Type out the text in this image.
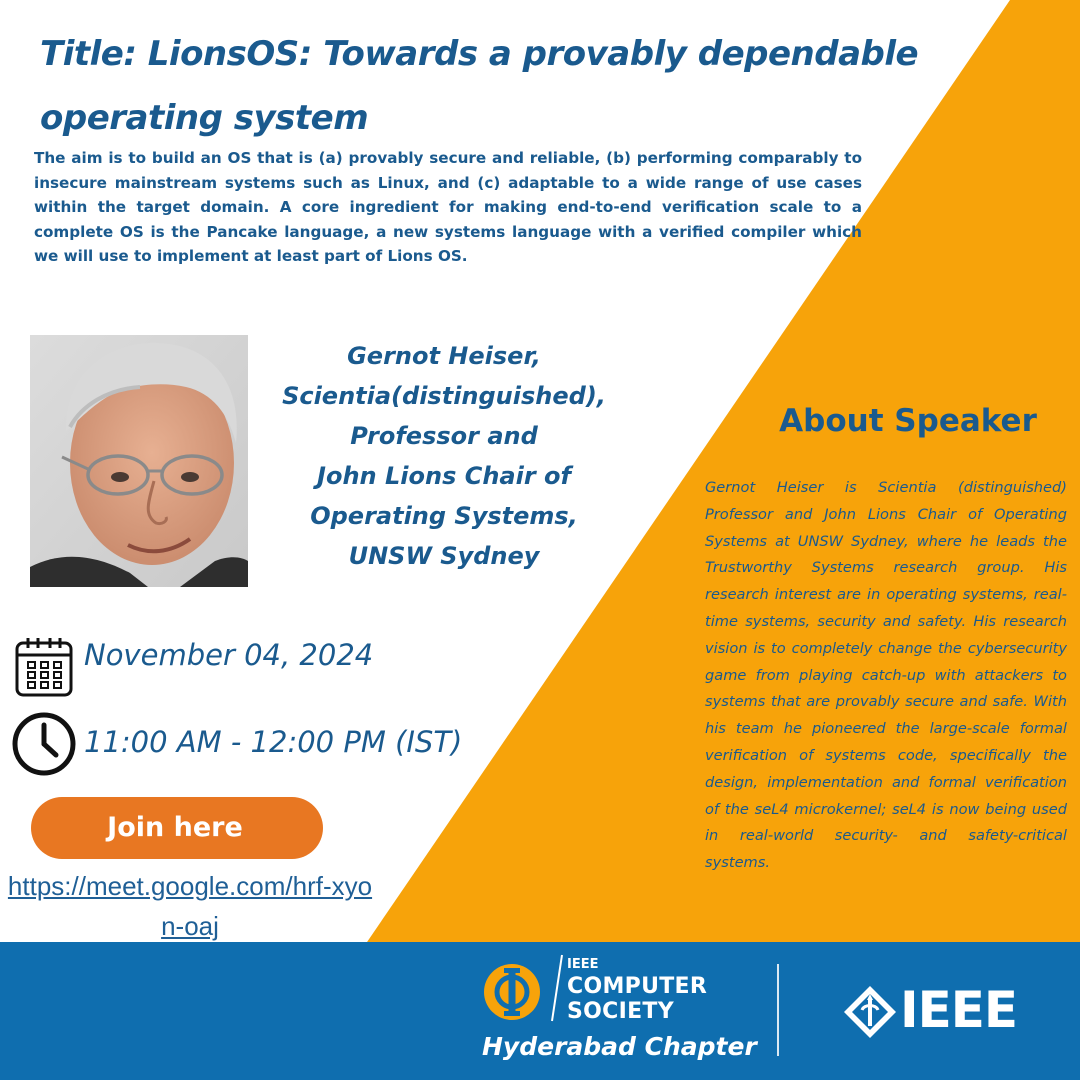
Title: LionsOS: Towards a provably dependable operating system

The aim is to build an OS that is (a) provably secure and reliable, (b) performing comparably to insecure mainstream systems such as Linux, and (c) adaptable to a wide range of use cases within the target domain. A core ingredient for making end-to-end verification scale to a complete OS is the Pancake language, a new systems language with a verified compiler which we will use to implement at least part of Lions OS.

Gernot Heiser,
Scientia(distinguished),
Professor and
John Lions Chair of
Operating Systems,
UNSW Sydney
About Speaker

Gernot Heiser is Scientia (distinguished) Professor and John Lions Chair of Operating Systems at UNSW Sydney, where he leads the Trustworthy Systems research group. His research interest are in operating systems, real-time systems, security and safety. His research vision is to completely change the cybersecurity game from playing catch-up with attackers to systems that are provably secure and safe. With his team he pioneered the large-scale formal verification of systems code, specifically the design, implementation and formal verification of the seL4 microkernel; seL4 is now being used in real-world security- and safety-critical systems.

November 04, 2024
11:00 AM - 12:00 PM (IST)
Join here
https://meet.google.com/hrf-xyon-oaj
IEEE
COMPUTER
SOCIETY
Hyderabad Chapter
IEEE
